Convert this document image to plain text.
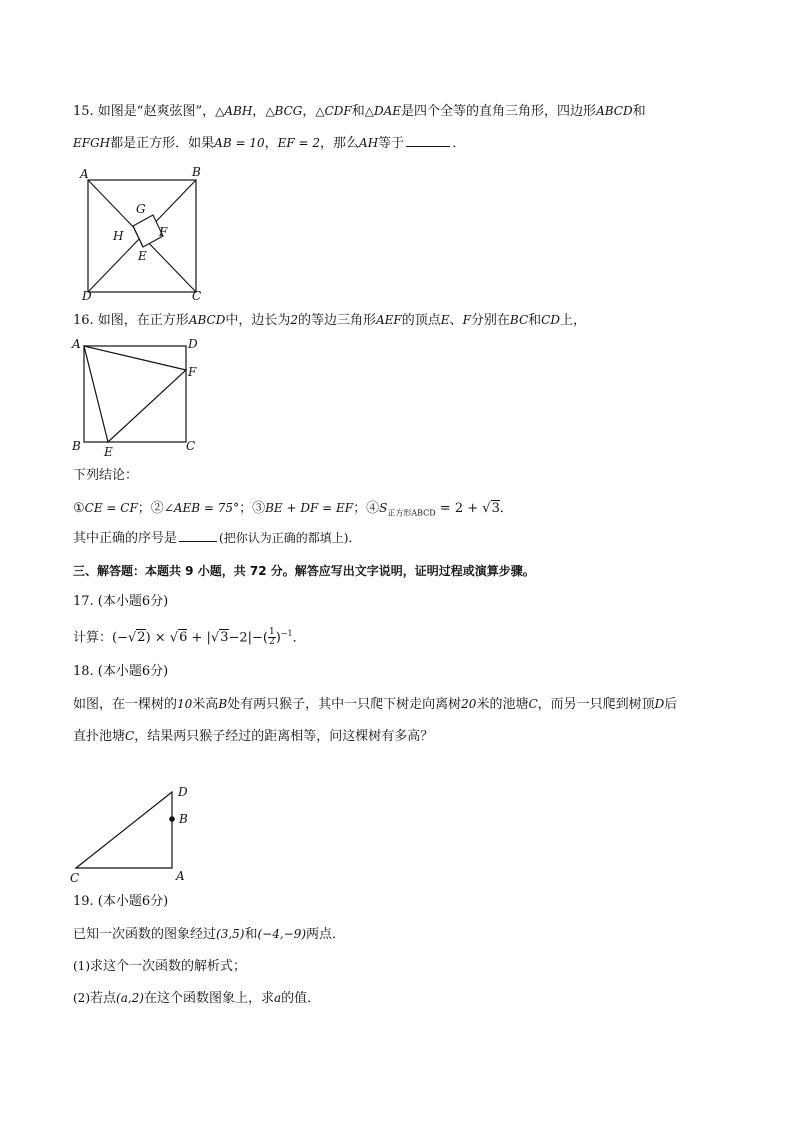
15. 如图是“赵爽弦图”，△ABH，△BCG，△CDF和△DAE是四个全等的直角三角形，四边形ABCD和
EFGH都是正方形．如果AB = 10，EF = 2，那么AH等于	．
A	B
C
D
G
H	F
E
16. 如图，在正方形ABCD中，边长为2的等边三角形AEF的顶点E、F分别在BC和CD上，
A	D
F
B E	C
下列结论：
①CE = CF；②∠AEB = 75°；③BE + DF = EF；$④S_{正方形ABCD} = 2 + √3$．
其中正确的序号是	(把你认为正确的都填上)．
三、解答题：本题共 9 小题，共 72 分。解答应写出文字说明，证明过程或演算步骤。
17. (本小题6分)
计算：$(-√2) \times √6 + |√3-2|-( \frac{1}{2} )^{-1}$．
18. (本小题6分)
如图，在一棵树的10米高B处有两只猴子，其中一只爬下树走向离树20米的池塘C，而另一只爬到树顶D后
直扑池塘C，结果两只猴子经过的距离相等，问这棵树有多高？
D
B
C	A
19. (本小题6分)
已知一次函数的图象经过(3,5)和(−4,−9)两点．
(1)求这个一次函数的解析式；
(2)若点(a,2)在这个函数图象上，求a的值．
